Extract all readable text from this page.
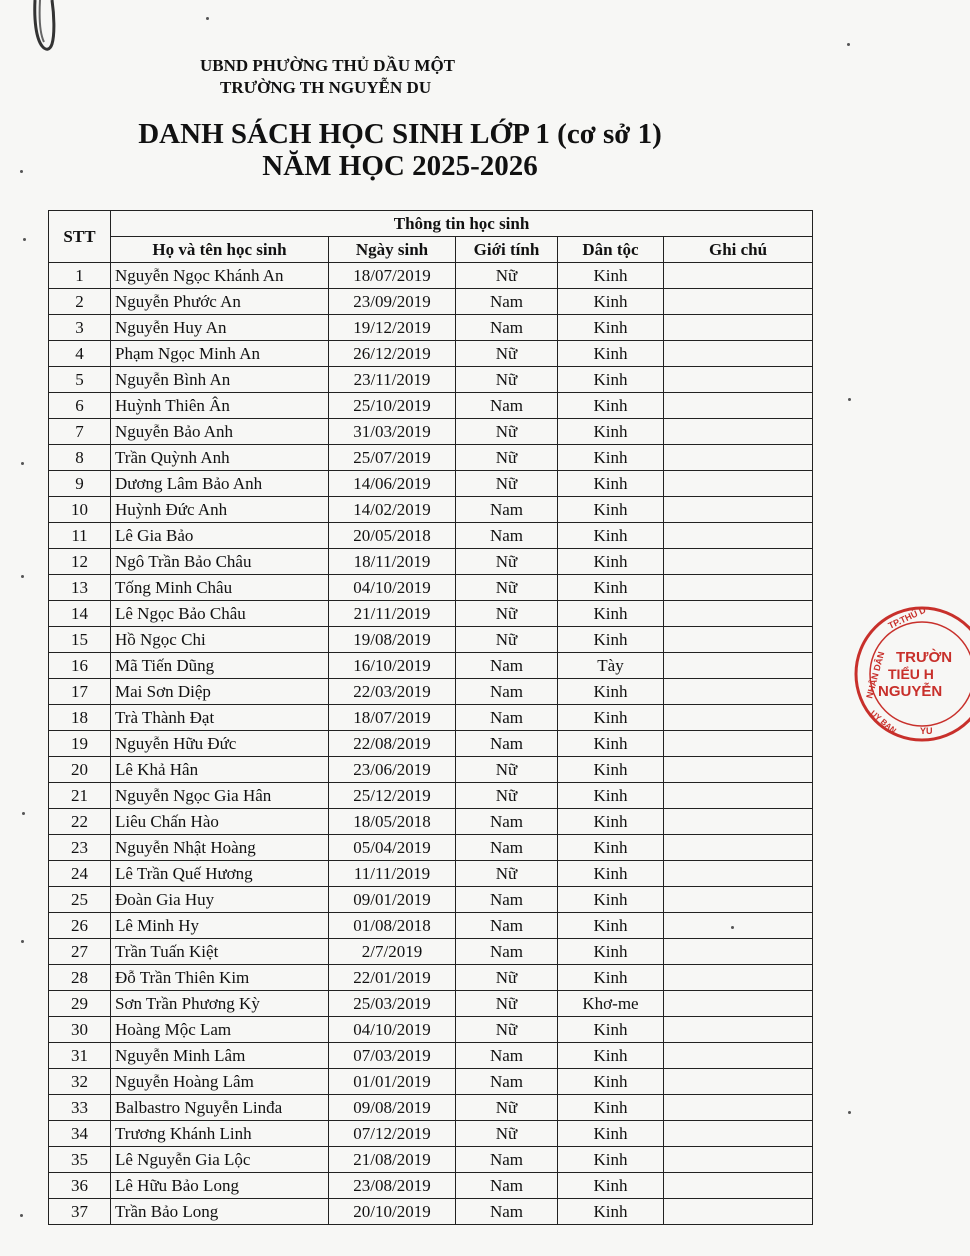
UBND PHƯỜNG THỦ DẦU MỘT
TRƯỜNG TH NGUYỄN DU
DANH SÁCH HỌC SINH LỚP 1 (cơ sở 1)
NĂM HỌC 2025-2026
STT	Thông tin học sinh				
	Họ và tên học sinh	Ngày sinh	Giới tính	Dân tộc	Ghi chú
1	Nguyễn Ngọc Khánh An	18/07/2019	Nữ	Kinh	
2	Nguyễn Phước An	23/09/2019	Nam	Kinh	
3	Nguyễn Huy An	19/12/2019	Nam	Kinh	
4	Phạm Ngọc Minh An	26/12/2019	Nữ	Kinh	
5	Nguyễn Bình An	23/11/2019	Nữ	Kinh	
6	Huỳnh Thiên Ân	25/10/2019	Nam	Kinh	
7	Nguyễn Bảo Anh	31/03/2019	Nữ	Kinh	
8	Trần Quỳnh Anh	25/07/2019	Nữ	Kinh	
9	Dương Lâm Bảo Anh	14/06/2019	Nữ	Kinh	
10	Huỳnh Đức Anh	14/02/2019	Nam	Kinh	
11	Lê Gia Bảo	20/05/2018	Nam	Kinh	
12	Ngô Trần Bảo Châu	18/11/2019	Nữ	Kinh	
13	Tống Minh Châu	04/10/2019	Nữ	Kinh	
14	Lê Ngọc Bảo Châu	21/11/2019	Nữ	Kinh	
15	Hồ Ngọc Chi	19/08/2019	Nữ	Kinh	
16	Mã Tiến Dũng	16/10/2019	Nam	Tày	
17	Mai Sơn Diệp	22/03/2019	Nam	Kinh	
18	Trà Thành Đạt	18/07/2019	Nam	Kinh	
19	Nguyễn Hữu Đức	22/08/2019	Nam	Kinh	
20	Lê Khả Hân	23/06/2019	Nữ	Kinh	
21	Nguyễn Ngọc Gia Hân	25/12/2019	Nữ	Kinh	
22	Liêu Chấn Hào	18/05/2018	Nam	Kinh	
23	Nguyễn Nhật Hoàng	05/04/2019	Nam	Kinh	
24	Lê Trần Quế Hương	11/11/2019	Nữ	Kinh	
25	Đoàn Gia Huy	09/01/2019	Nam	Kinh	
26	Lê Minh Hy	01/08/2018	Nam	Kinh	
27	Trần Tuấn Kiệt	2/7/2019	Nam	Kinh	
28	Đỗ Trần Thiên Kim	22/01/2019	Nữ	Kinh	
29	Sơn Trần Phương Kỳ	25/03/2019	Nữ	Khơ-me	
30	Hoàng Mộc Lam	04/10/2019	Nữ	Kinh	
31	Nguyễn Minh Lâm	07/03/2019	Nam	Kinh	
32	Nguyễn Hoàng Lâm	01/01/2019	Nam	Kinh	
33	Balbastro Nguyễn Linđa	09/08/2019	Nữ	Kinh	
34	Trương Khánh Linh	07/12/2019	Nữ	Kinh	
35	Lê Nguyễn Gia Lộc	21/08/2019	Nam	Kinh	
36	Lê Hữu Bảo Long	23/08/2019	Nam	Kinh	
37	Trần Bảo Long	20/10/2019	Nam	Kinh	
TP.THỦ D
NHÂN DÂN
UY BAN
TRƯỜN
TIỂU H
NGUYỄN
YU
